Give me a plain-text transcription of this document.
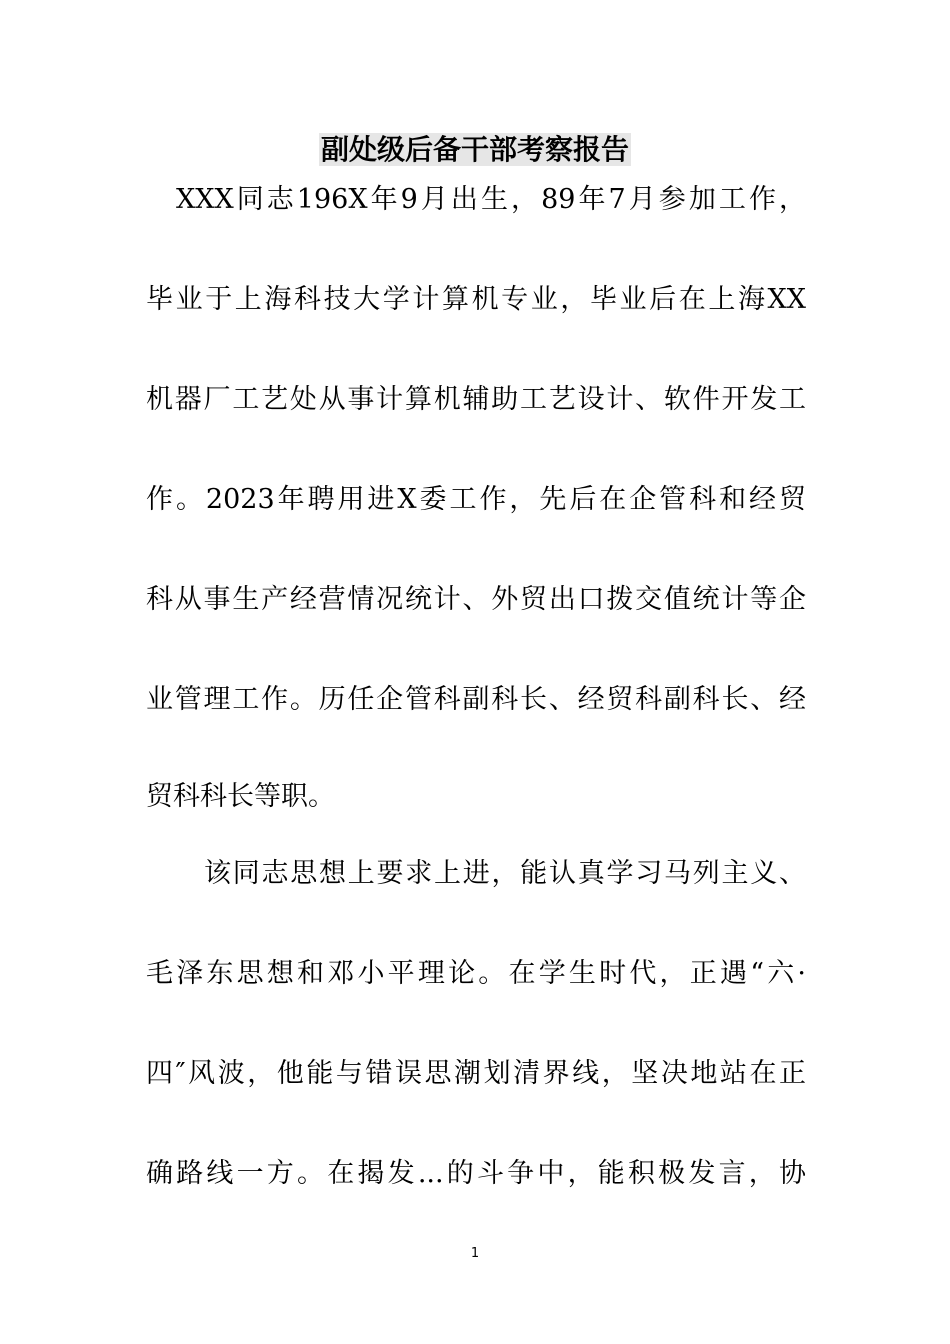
副处级后备干部考察报告
XXX同志196X年9月出生，89年7月参加工作，
毕业于上海科技大学计算机专业，毕业后在上海XX
机器厂工艺处从事计算机辅助工艺设计、软件开发工
作。2023年聘用进X委工作，先后在企管科和经贸
科从事生产经营情况统计、外贸出口拨交值统计等企
业管理工作。历任企管科副科长、经贸科副科长、经
贸科科长等职。
该同志思想上要求上进，能认真学习马列主义、
毛泽东思想和邓小平理论。在学生时代，正遇“六·
四″风波，他能与错误思潮划清界线，坚决地站在正
确路线一方。在揭发...的斗争中，能积极发言，协
1
